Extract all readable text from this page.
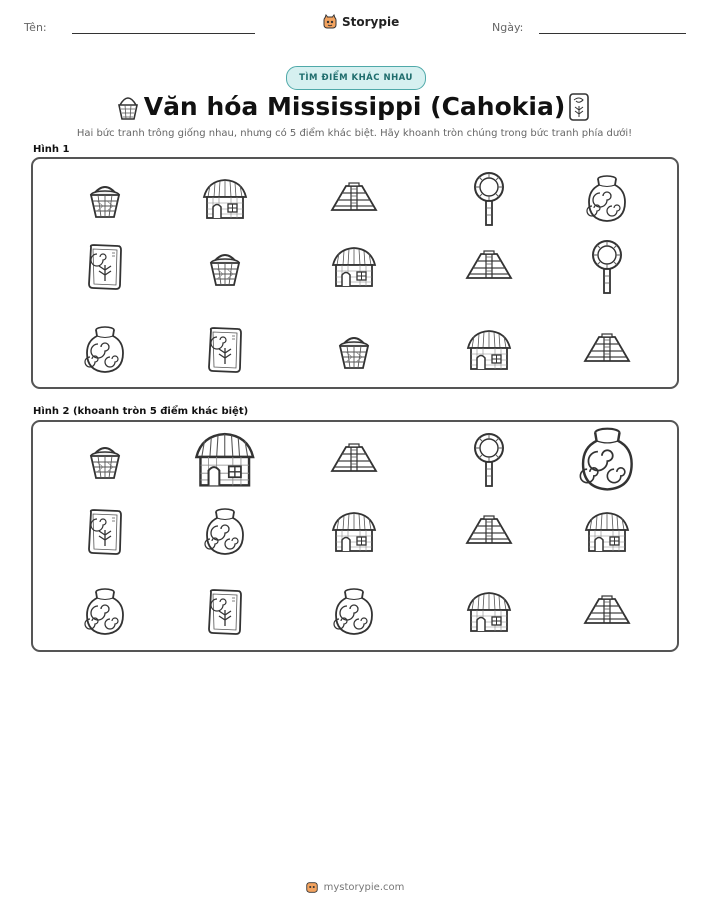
Tên:	Storypie	Ngày:
TÌM ĐIỂM KHÁC NHAU
Văn hóa Mississippi (Cahokia)
Hai bức tranh trông giống nhau, nhưng có 5 điểm khác biệt. Hãy khoanh tròn chúng trong bức tranh phía dưới!
Hình 1
Hình 2 (khoanh tròn 5 điểm khác biệt)
mystorypie.com
